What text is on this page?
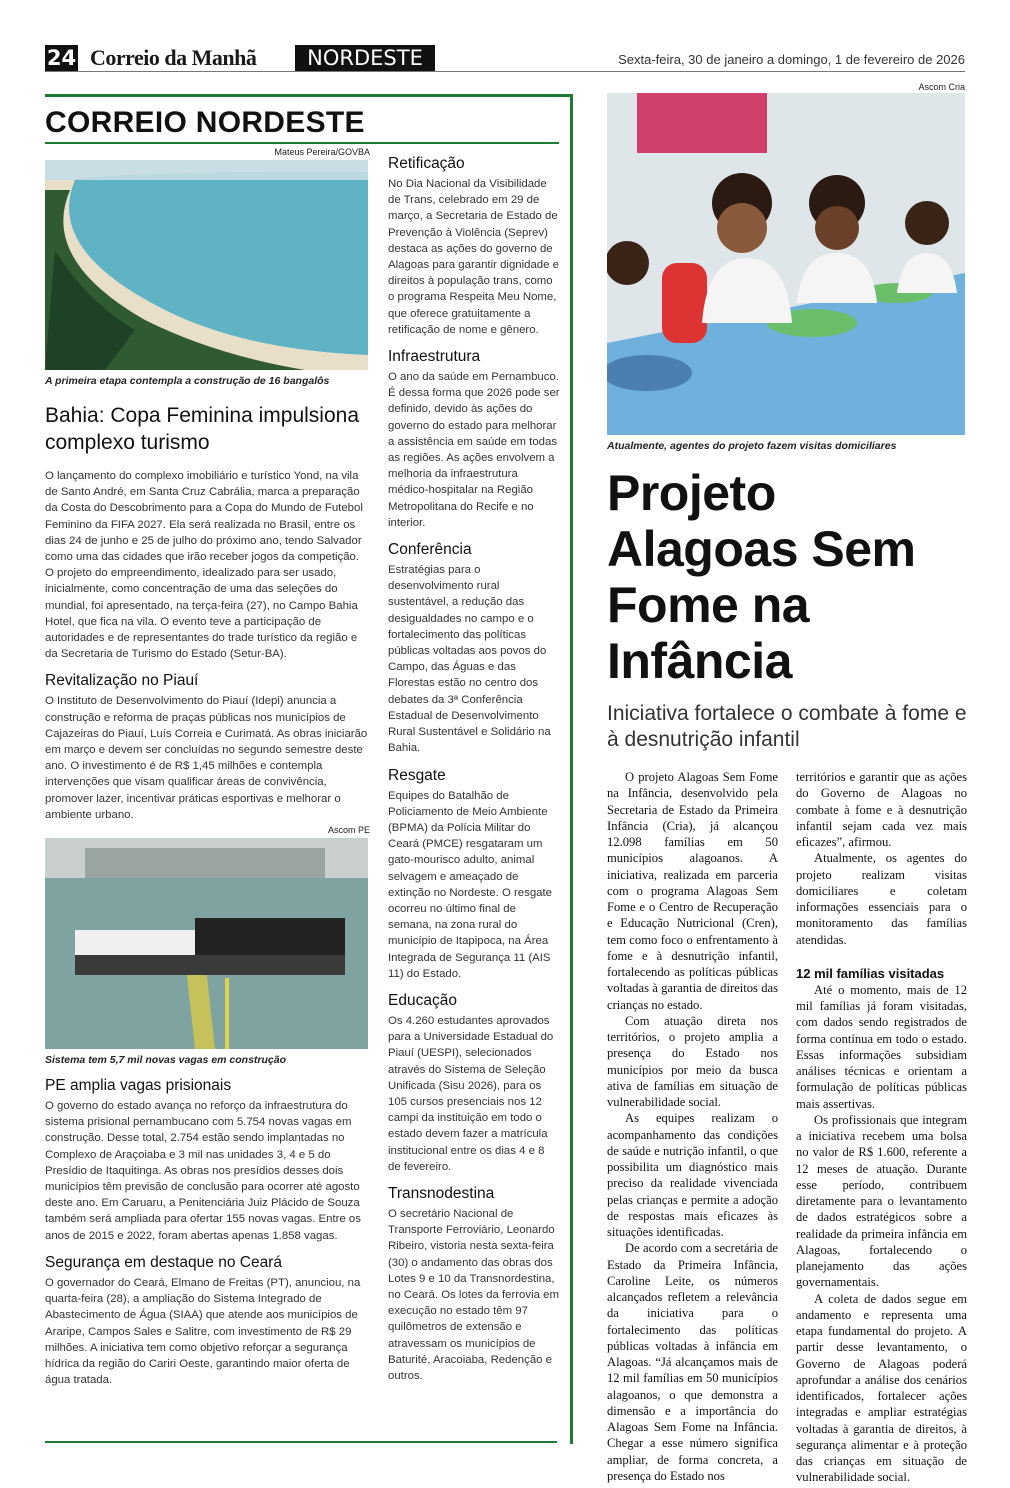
24 Correio da Manhã	NORDESTE	Sexta-feira, 30 de janeiro a domingo, 1 de fevereiro de 2026
CORREIO NORDESTE
Mateus Pereira/GOVBA
A primeira etapa contempla a construção de 16 bangalôs
Bahia: Copa Feminina impulsiona complexo turismo
O lançamento do complexo imobiliário e turístico Yond, na vila de Santo André, em Santa Cruz Cabrália, marca a preparação da Costa do Descobrimento para a Copa do Mundo de Futebol Feminino da FIFA 2027. Ela será realizada no Brasil, entre os dias 24 de junho e 25 de julho do próximo ano, tendo Salvador como uma das cidades que irão receber jogos da competição. O projeto do empreendimento, idealizado para ser usado, inicialmente, como concentração de uma das seleções do mundial, foi apresentado, na terça-feira (27), no Campo Bahia Hotel, que fica na vila. O evento teve a participação de autoridades e de representantes do trade turístico da região e da Secretaria de Turismo do Estado (Setur-BA).
Revitalização no Piauí
O Instituto de Desenvolvimento do Piauí (Idepi) anuncia a construção e reforma de praças públicas nos municípios de Cajazeiras do Piauí, Luís Correia e Curimatá. As obras iniciarão em março e devem ser concluídas no segundo semestre deste ano. O investimento é de R$ 1,45 milhões e contempla intervenções que visam qualificar áreas de convivência, promover lazer, incentivar práticas esportivas e melhorar o ambiente urbano.
Ascom PE
Sistema tem 5,7 mil novas vagas em construção
PE amplia vagas prisionais
O governo do estado avança no reforço da infraestrutura do sistema prisional pernambucano com 5.754 novas vagas em construção. Desse total, 2.754 estão sendo implantadas no Complexo de Araçoiaba e 3 mil nas unidades 3, 4 e 5 do Presídio de Itaquitinga. As obras nos presídios desses dois municípios têm previsão de conclusão para ocorrer até agosto deste ano. Em Caruaru, a Penitenciária Juiz Plácido de Souza também será ampliada para ofertar 155 novas vagas. Entre os anos de 2015 e 2022, foram abertas apenas 1.858 vagas.
Segurança em destaque no Ceará
O governador do Ceará, Elmano de Freitas (PT), anunciou, na quarta-feira (28), a ampliação do Sistema Integrado de Abastecimento de Água (SIAA) que atende aos municípios de Araripe, Campos Sales e Salitre, com investimento de R$ 29 milhões. A iniciativa tem como objetivo reforçar a segurança hídrica da região do Cariri Oeste, garantindo maior oferta de água tratada.
Retificação
No Dia Nacional da Visibilidade de Trans, celebrado em 29 de março, a Secretaria de Estado de Prevenção à Violência (Seprev) destaca as ações do governo de Alagoas para garantir dignidade e direitos à população trans, como o programa Respeita Meu Nome, que oferece gratuitamente a retificação de nome e gênero.
Infraestrutura
O ano da saúde em Pernambuco. É dessa forma que 2026 pode ser definido, devido às ações do governo do estado para melhorar a assistência em saúde em todas as regiões. As ações envolvem a melhoria da infraestrutura médico-hospitalar na Região Metropolitana do Recife e no interior.
Conferência
Estratégias para o desenvolvimento rural sustentável, a redução das desigualdades no campo e o fortalecimento das políticas públicas voltadas aos povos do Campo, das Águas e das Florestas estão no centro dos debates da 3ª Conferência Estadual de Desenvolvimento Rural Sustentável e Solidário na Bahia.
Resgate
Equipes do Batalhão de Policiamento de Meio Ambiente (BPMA) da Polícia Militar do Ceará (PMCE) resgataram um gato-mourisco adulto, animal selvagem e ameaçado de extinção no Nordeste. O resgate ocorreu no último final de semana, na zona rural do município de Itapipoca, na Área Integrada de Segurança 11 (AIS 11) do Estado.
Educação
Os 4.260 estudantes aprovados para a Universidade Estadual do Piauí (UESPI), selecionados através do Sistema de Seleção Unificada (Sisu 2026), para os 105 cursos presenciais nos 12 campi da instituição em todo o estado devem fazer a matrícula institucional entre os dias 4 e 8 de fevereiro.
Transnodestina
O secretário Nacional de Transporte Ferroviário, Leonardo Ribeiro, vistoria nesta sexta-feira (30) o andamento das obras dos Lotes 9 e 10 da Transnordestina, no Ceará. Os lotes da ferrovia em execução no estado têm 97 quilômetros de extensão e atravessam os municípios de Baturité, Aracoiaba, Redenção e outros.
Ascom Cria
Atualmente, agentes do projeto fazem visitas domiciliares
Projeto Alagoas Sem Fome na Infância
Iniciativa fortalece o combate à fome e à desnutrição infantil

O projeto Alagoas Sem Fome na Infância, desenvolvido pela Secretaria de Estado da Primeira Infância (Cria), já alcançou 12.098 famílias em 50 municípios alagoanos. A iniciativa, realizada em parceria com o programa Alagoas Sem Fome e o Centro de Recuperação e Educação Nutricional (Cren), tem como foco o enfrentamento à fome e à desnutrição infantil, fortalecendo as políticas públicas voltadas à garantia de direitos das crianças no estado.

Com atuação direta nos territórios, o projeto amplia a presença do Estado nos municípios por meio da busca ativa de famílias em situação de vulnerabilidade social.

As equipes realizam o acompanhamento das condições de saúde e nutrição infantil, o que possibilita um diagnóstico mais preciso da realidade vivenciada pelas crianças e permite a adoção de respostas mais eficazes às situações identificadas.

De acordo com a secretária de Estado da Primeira Infância, Caroline Leite, os números alcançados refletem a relevância da iniciativa para o fortalecimento das políticas públicas voltadas à infância em Alagoas. “Já alcançamos mais de 12 mil famílias em 50 municípios alagoanos, o que demonstra a dimensão e a importância do Alagoas Sem Fome na Infância. Chegar a esse número significa ampliar, de forma concreta, a presença do Estado nos

territórios e garantir que as ações do Governo de Alagoas no combate à fome e à desnutrição infantil sejam cada vez mais eficazes”, afirmou.

Atualmente, os agentes do projeto realizam visitas domiciliares e coletam informações essenciais para o monitoramento das famílias atendidas.

12 mil famílias visitadas

Até o momento, mais de 12 mil famílias já foram visitadas, com dados sendo registrados de forma contínua em todo o estado. Essas informações subsidiam análises técnicas e orientam a formulação de políticas públicas mais assertivas.

Os profissionais que integram a iniciativa recebem uma bolsa no valor de R$ 1.600, referente a 12 meses de atuação. Durante esse período, contribuem diretamente para o levantamento de dados estratégicos sobre a realidade da primeira infância em Alagoas, fortalecendo o planejamento das ações governamentais.

A coleta de dados segue em andamento e representa uma etapa fundamental do projeto. A partir desse levantamento, o Governo de Alagoas poderá aprofundar a análise dos cenários identificados, fortalecer ações integradas e ampliar estratégias voltadas à garantia de direitos, à segurança alimentar e à proteção das crianças em situação de vulnerabilidade social.
